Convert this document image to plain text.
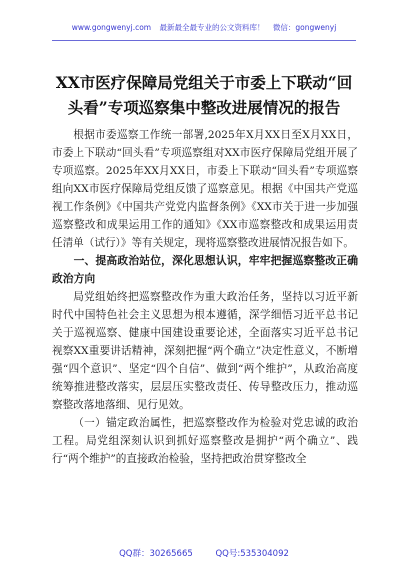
www.gongwenyj.com 最新最全最专业的公文资料库！ 微信：gongwenyj
XX市医疗保障局党组关于市委上下联动“回头看”专项巡察集中整改进展情况的报告

根据市委巡察工作统一部署,2025年X月XX日至X月XX日，市委上下联动“回头看”专项巡察组对XX市医疗保障局党组开展了专项巡察。2025年XX月XX日，市委上下联动“回头看”专项巡察组向XX市医疗保障局党组反馈了巡察意见。根据《中国共产党巡视工作条例》《中国共产党党内监督条例》《XX市关于进一步加强巡察整改和成果运用工作的通知》《XX市巡察整改和成果运用责任清单（试行）》等有关规定，现将巡察整改进展情况报告如下。

一、提高政治站位，深化思想认识，牢牢把握巡察整改正确政治方向

局党组始终把巡察整改作为重大政治任务，坚持以习近平新时代中国特色社会主义思想为根本遵循，深学细悟习近平总书记关于巡视巡察、健康中国建设重要论述，全面落实习近平总书记视察XX重要讲话精神，深刻把握“两个确立”决定性意义，不断增强“四个意识”、坚定“四个自信”、做到“两个维护”，从政治高度统筹推进整改落实，层层压实整改责任、传导整改压力，推动巡察整改落地落细、见行见效。

（一）锚定政治属性，把巡察整改作为检验对党忠诚的政治工程。局党组深刻认识到抓好巡察整改是拥护“两个确立”、践行“两个维护”的直接政治检验，坚持把政治贯穿整改全

QQ群：30265665	QQ号:535304092
